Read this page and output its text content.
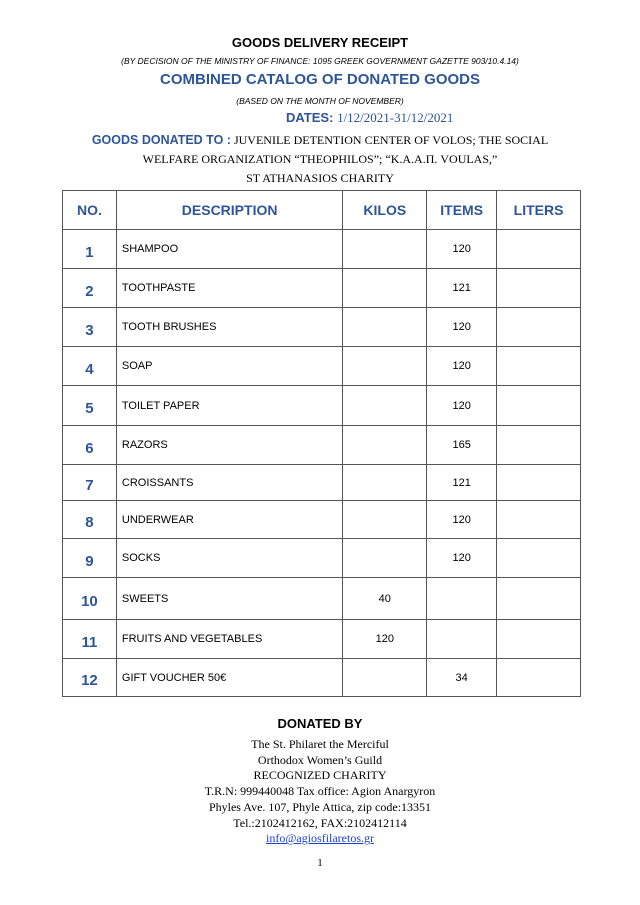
GOODS DELIVERY RECEIPT
(BY DECISION OF THE MINISTRY OF FINANCE: 1095 GREEK GOVERNMENT GAZETTE 903/10.4.14)
COMBINED CATALOG OF DONATED GOODS
(BASED ON THE MONTH OF NOVEMBER)
DATES: 1/12/2021-31/12/2021
GOODS DONATED TO : JUVENILE DETENTION CENTER OF VOLOS; THE SOCIAL
WELFARE ORGANIZATION “THEOPHILOS”; “K.A.A.Π. VOULAS,”
ST ATHANASIOS CHARITY
NO.	DESCRIPTION	KILOS	ITEMS	LITERS
1	SHAMPOO		120	
2	TOOTHPASTE		121	
3	TOOTH BRUSHES		120	
4	SOAP		120	
5	TOILET PAPER		120	
6	RAZORS		165	
7	CROISSANTS		121	
8	UNDERWEAR		120	
9	SOCKS		120	
10	SWEETS	40		
11	FRUITS AND VEGETABLES	120		
12	GIFT VOUCHER 50€		34	
DONATED BY
The St. Philaret the Merciful
Orthodox Women’s Guild
RECOGNIZED CHARITY
T.R.N: 999440048 Tax office: Agion Anargyron
Phyles Ave. 107, Phyle Attica, zip code:13351
Tel.:2102412162, FAX:2102412114
info@agiosfilaretos.gr
1
